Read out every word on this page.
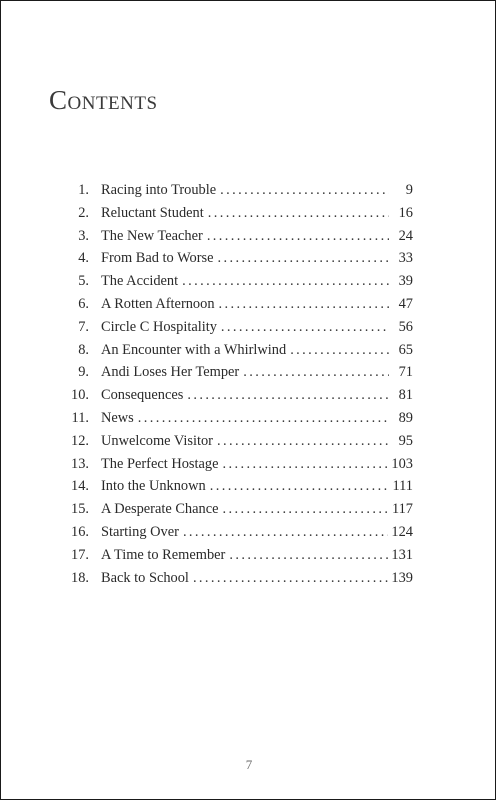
Contents
1. Racing into Trouble . . .	9
2. Reluctant Student . . .	16
3. The New Teacher . . .	24
4. From Bad to Worse . . .	33
5. The Accident . . .	39
6. A Rotten Afternoon . . .	47
7. Circle C Hospitality . . .	56
8. An Encounter with a Whirlwind . . .	65
9. Andi Loses Her Temper . . .	71
10. Consequences . . .	81
11. News . . .	89
12. Unwelcome Visitor . . .	95
13. The Perfect Hostage . . .	103
14. Into the Unknown . . .	111
15. A Desperate Chance . . .	117
16. Starting Over . . .	124
17. A Time to Remember . . .	131
18. Back to School . . .	139
7
